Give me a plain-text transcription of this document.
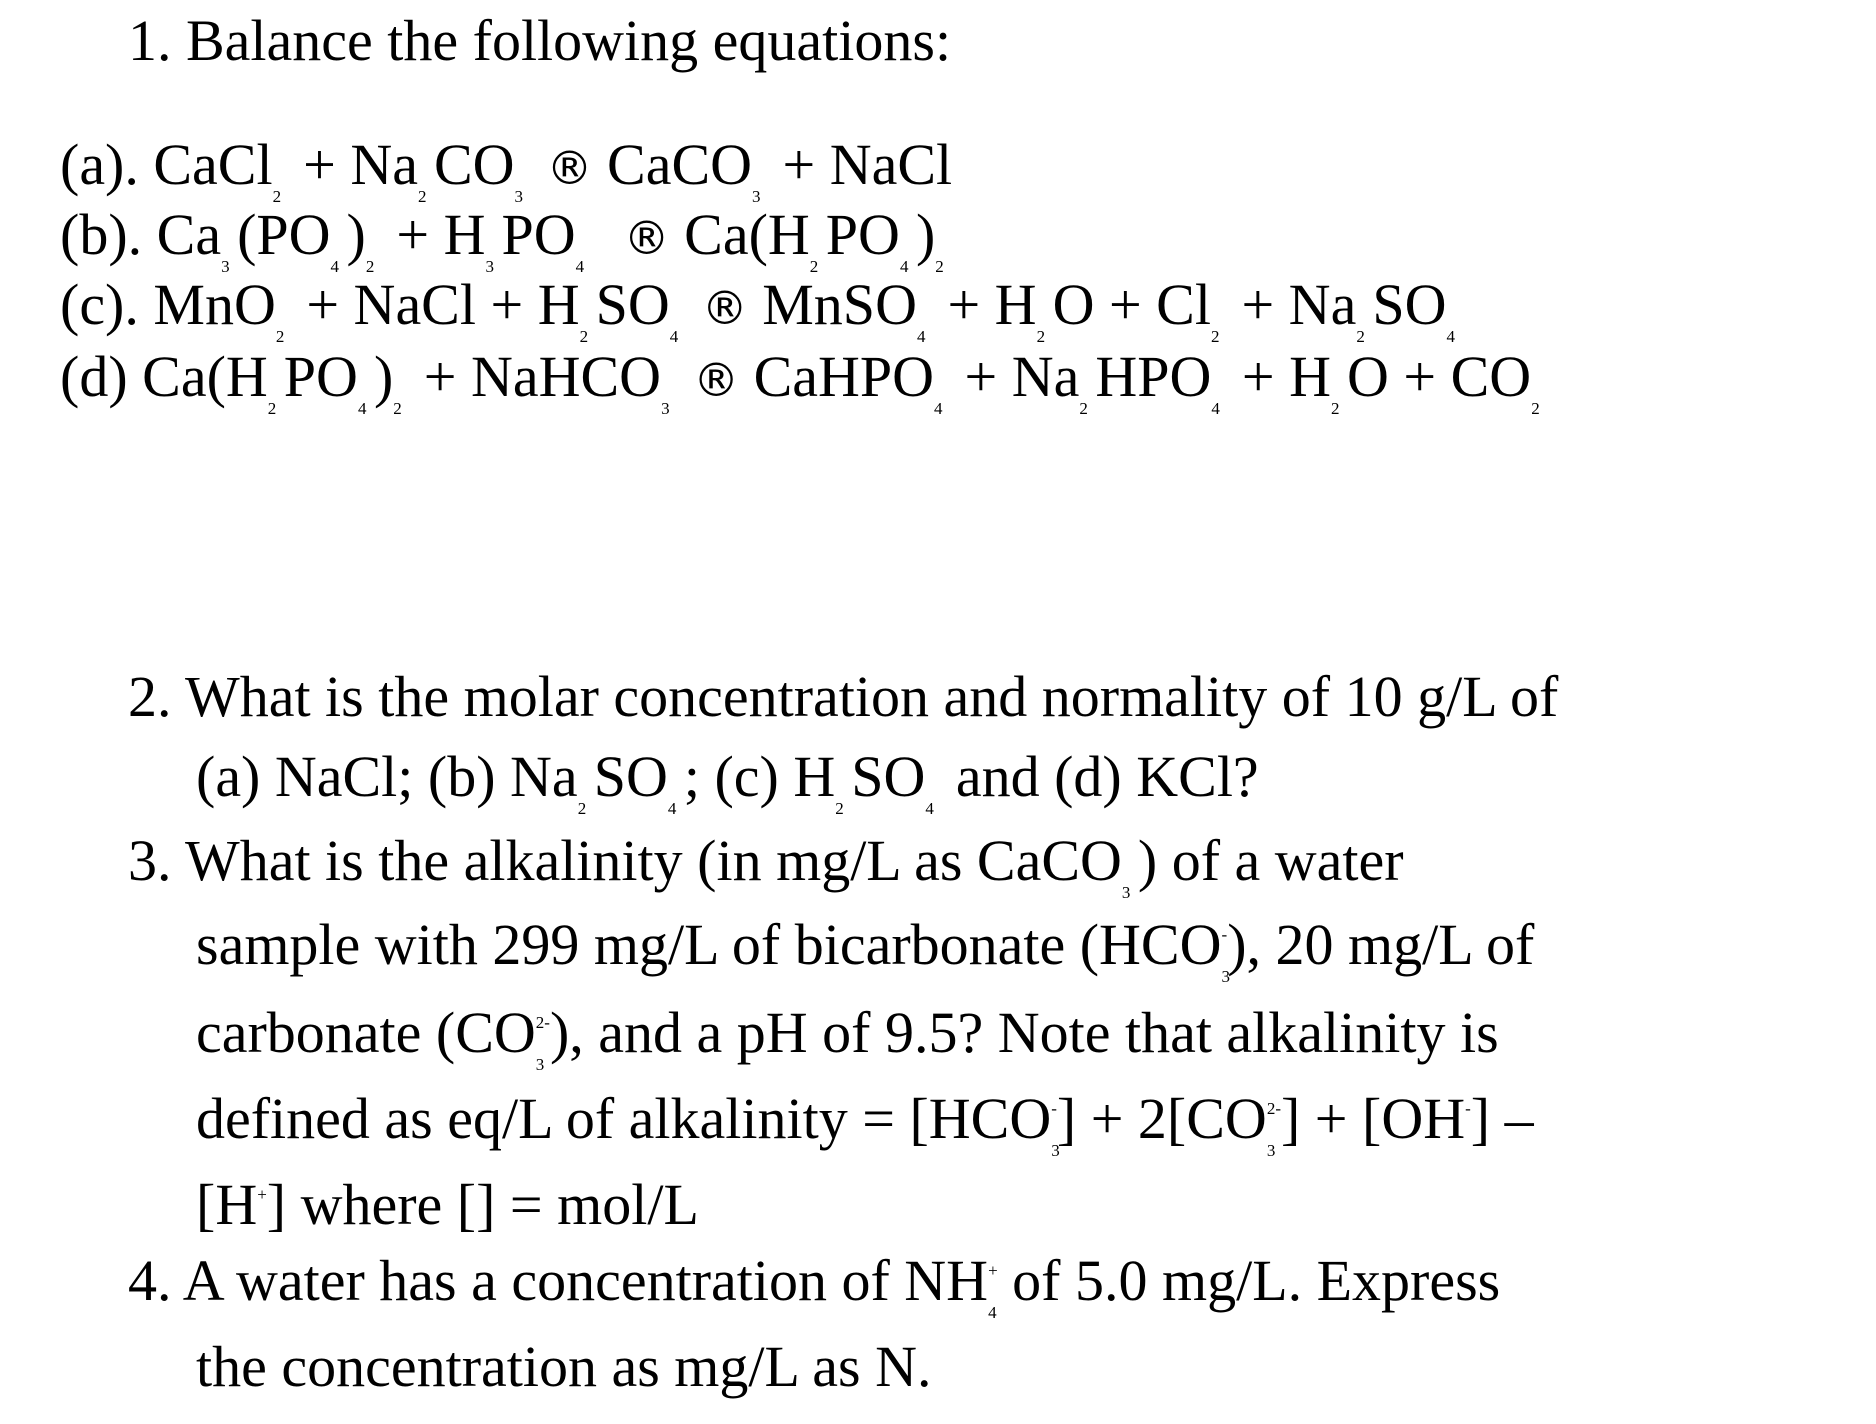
1. Balance the following equations:
(a). CaCl2 + Na2 CO3® CaCO3 + NaCl
(b). Ca3 (PO4 )2 + H3 PO4® Ca(H2 PO4 )2
(c). MnO2 + NaCl + H2 SO4® MnSO4 + H2 O + Cl2 + Na2 SO4
(d) Ca(H2 PO4 )2 + NaHCO3® CaHPO4 + Na2 HPO4 + H2 O + CO2
2. What is the molar concentration and normality of 10 g/L of
(a) NaCl; (b) Na2 SO4 ; (c) H2 SO4 and (d) KCl?
3. What is the alkalinity (in mg/L as CaCO3 ) of a water
sample with 299 mg/L of bicarbonate (HCO3-), 20 mg/L of
carbonate (CO32-), and a pH of 9.5? Note that alkalinity is
defined as eq/L of alkalinity = [HCO3-] + 2[CO32-] + [OH-] –
[H+] where [] = mol/L
4. A water has a concentration of NH4+ of 5.0 mg/L. Express
the concentration as mg/L as N.
